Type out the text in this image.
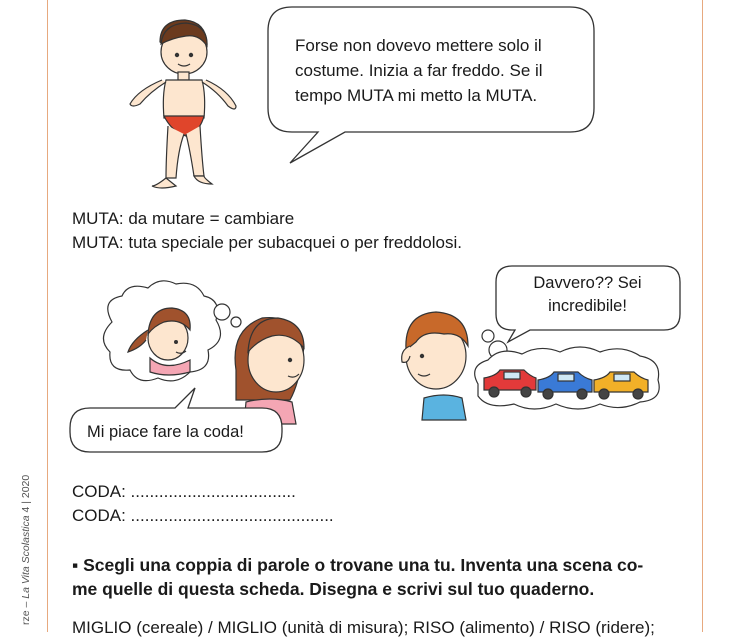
rze – La Vita Scolastica 4 | 2020
Forse non dovevo mettere solo il
costume. Inizia a far freddo. Se il
tempo MUTA mi metto la MUTA.
Davvero?? Sei
incredibile!
Mi piace fare la coda!
MUTA: da mutare = cambiare
MUTA: tuta speciale per subacquei o per freddolosi.
CODA: ...................................
CODA: ...........................................
▪ Scegli una coppia di parole o trovane una tu. Inventa una scena co-
me quelle di questa scheda. Disegna e scrivi sul tuo quaderno.
MIGLIO (cereale) / MIGLIO (unità di misura); RISO (alimento) / RISO (ridere);
